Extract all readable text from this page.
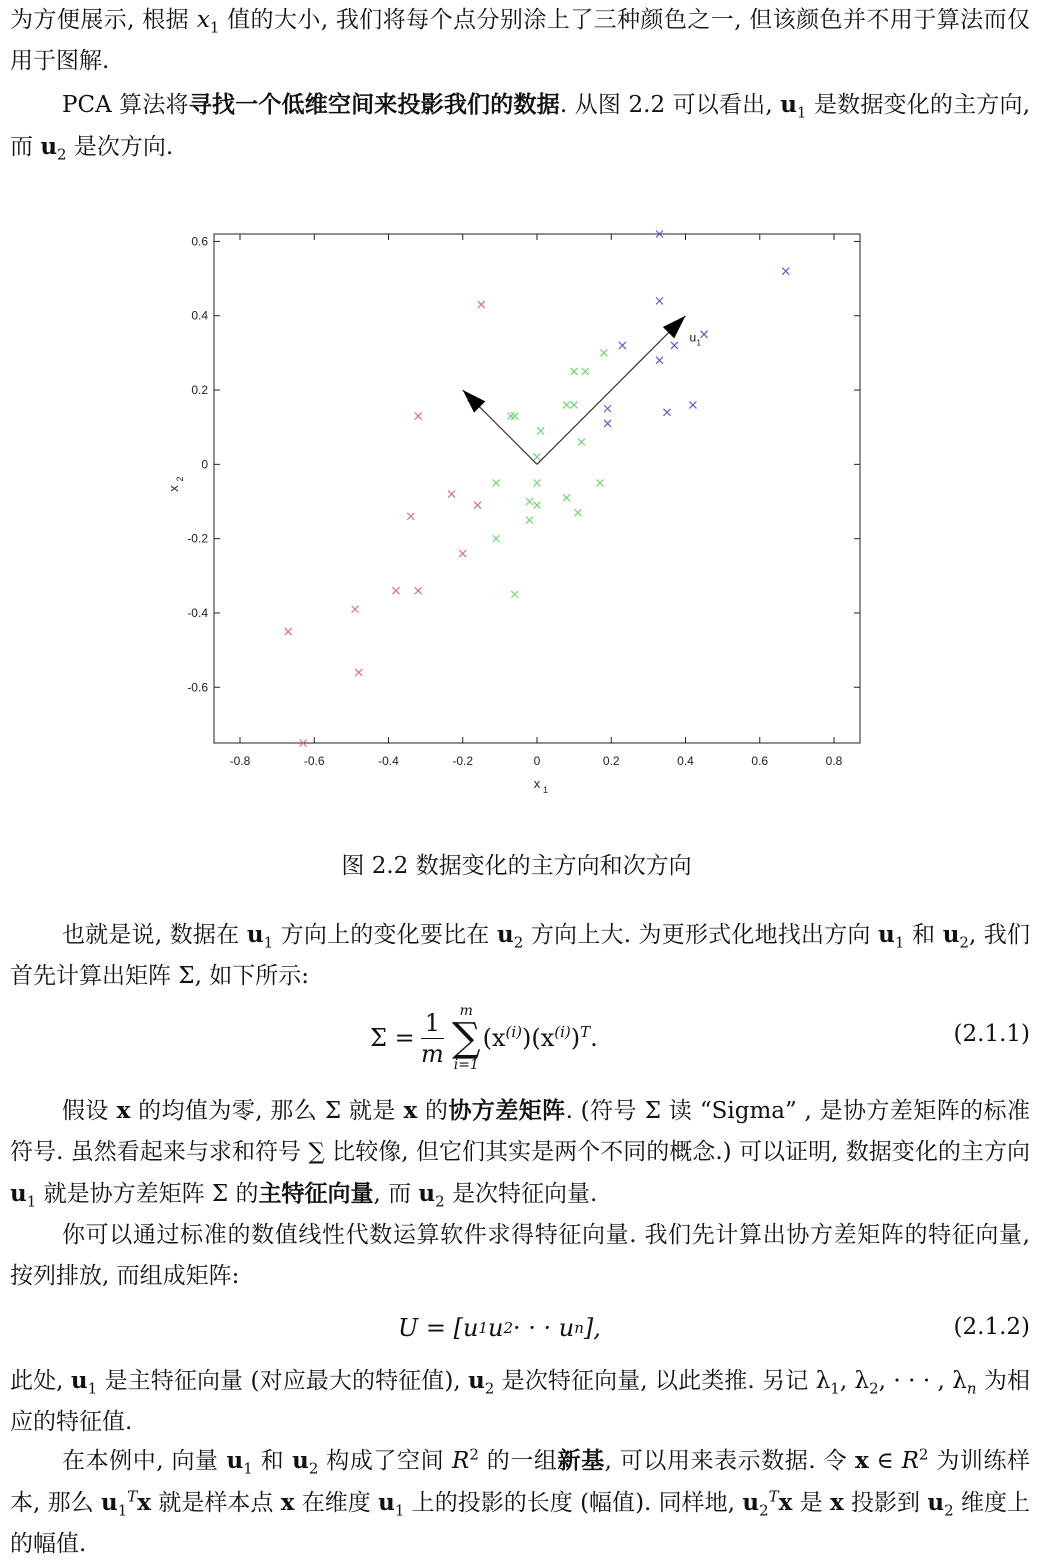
为方便展示, 根据 $x_1$ 值的大小, 我们将每个点分别涂上了三种颜色之一, 但该颜色并不用于算法而仅用于图解.

PCA 算法将寻找一个低维空间来投影我们的数据. 从图 2.2 可以看出, $u_1$ 是数据变化的主方向, 而 $u_2$ 是次方向.

-0.8	-0.6	-0.4	-0.2	0	0.2	0.4	0.6	0.8
-0.6
-0.4
-0.2
0
0.2
0.4
0.6
x 1
x
2
u 1
u 2

也就是说, 数据在 $u_1$ 方向上的变化要比在 $u_2$ 方向上大. 为更形式化地找出方向 $u_1$ 和 $u_2$, 我们首先计算出矩阵 Σ, 如下所示:

$\Sigma = \frac{1}{m}$ m
∑
i=1
$(x^{(i)})(x^{(i)})^T$.	(2.1.1)

假设 x 的均值为零, 那么 Σ 就是 x 的协方差矩阵. (符号 Σ 读 “Sigma” , 是协方差矩阵的标准符号. 虽然看起来与求和符号 ∑ 比较像, 但它们其实是两个不同的概念.) 可以证明, 数据变化的主方向 $u_1$ 就是协方差矩阵 Σ 的主特征向量, 而 $u_2$ 是次特征向量.

你可以通过标准的数值线性代数运算软件求得特征向量. 我们先计算出协方差矩阵的特征向量, 按列排放, 而组成矩阵:

U = [u 1 u 2 · · · u n ],	(2.1.2)

此处, $u_1$ 是主特征向量 (对应最大的特征值), $u_2$ 是次特征向量, 以此类推. 另记 $\lambda_1$, $\lambda_2$, · · · , $\lambda_n$ 为相应的特征值.

在本例中, 向量 $u_1$ 和 $u_2$ 构成了空间 $R^2$ 的一组新基, 可以用来表示数据. 令 x ∈ $R^2$ 为训练样本, 那么 $u_1^Tx$ 就是样本点 x 在维度 $u_1$ 上的投影的长度 (幅值). 同样地, $u_2^Tx$ 是 x 投影到 $u_2$ 维度上的幅值.

图 2.2 数据变化的主方向和次方向
